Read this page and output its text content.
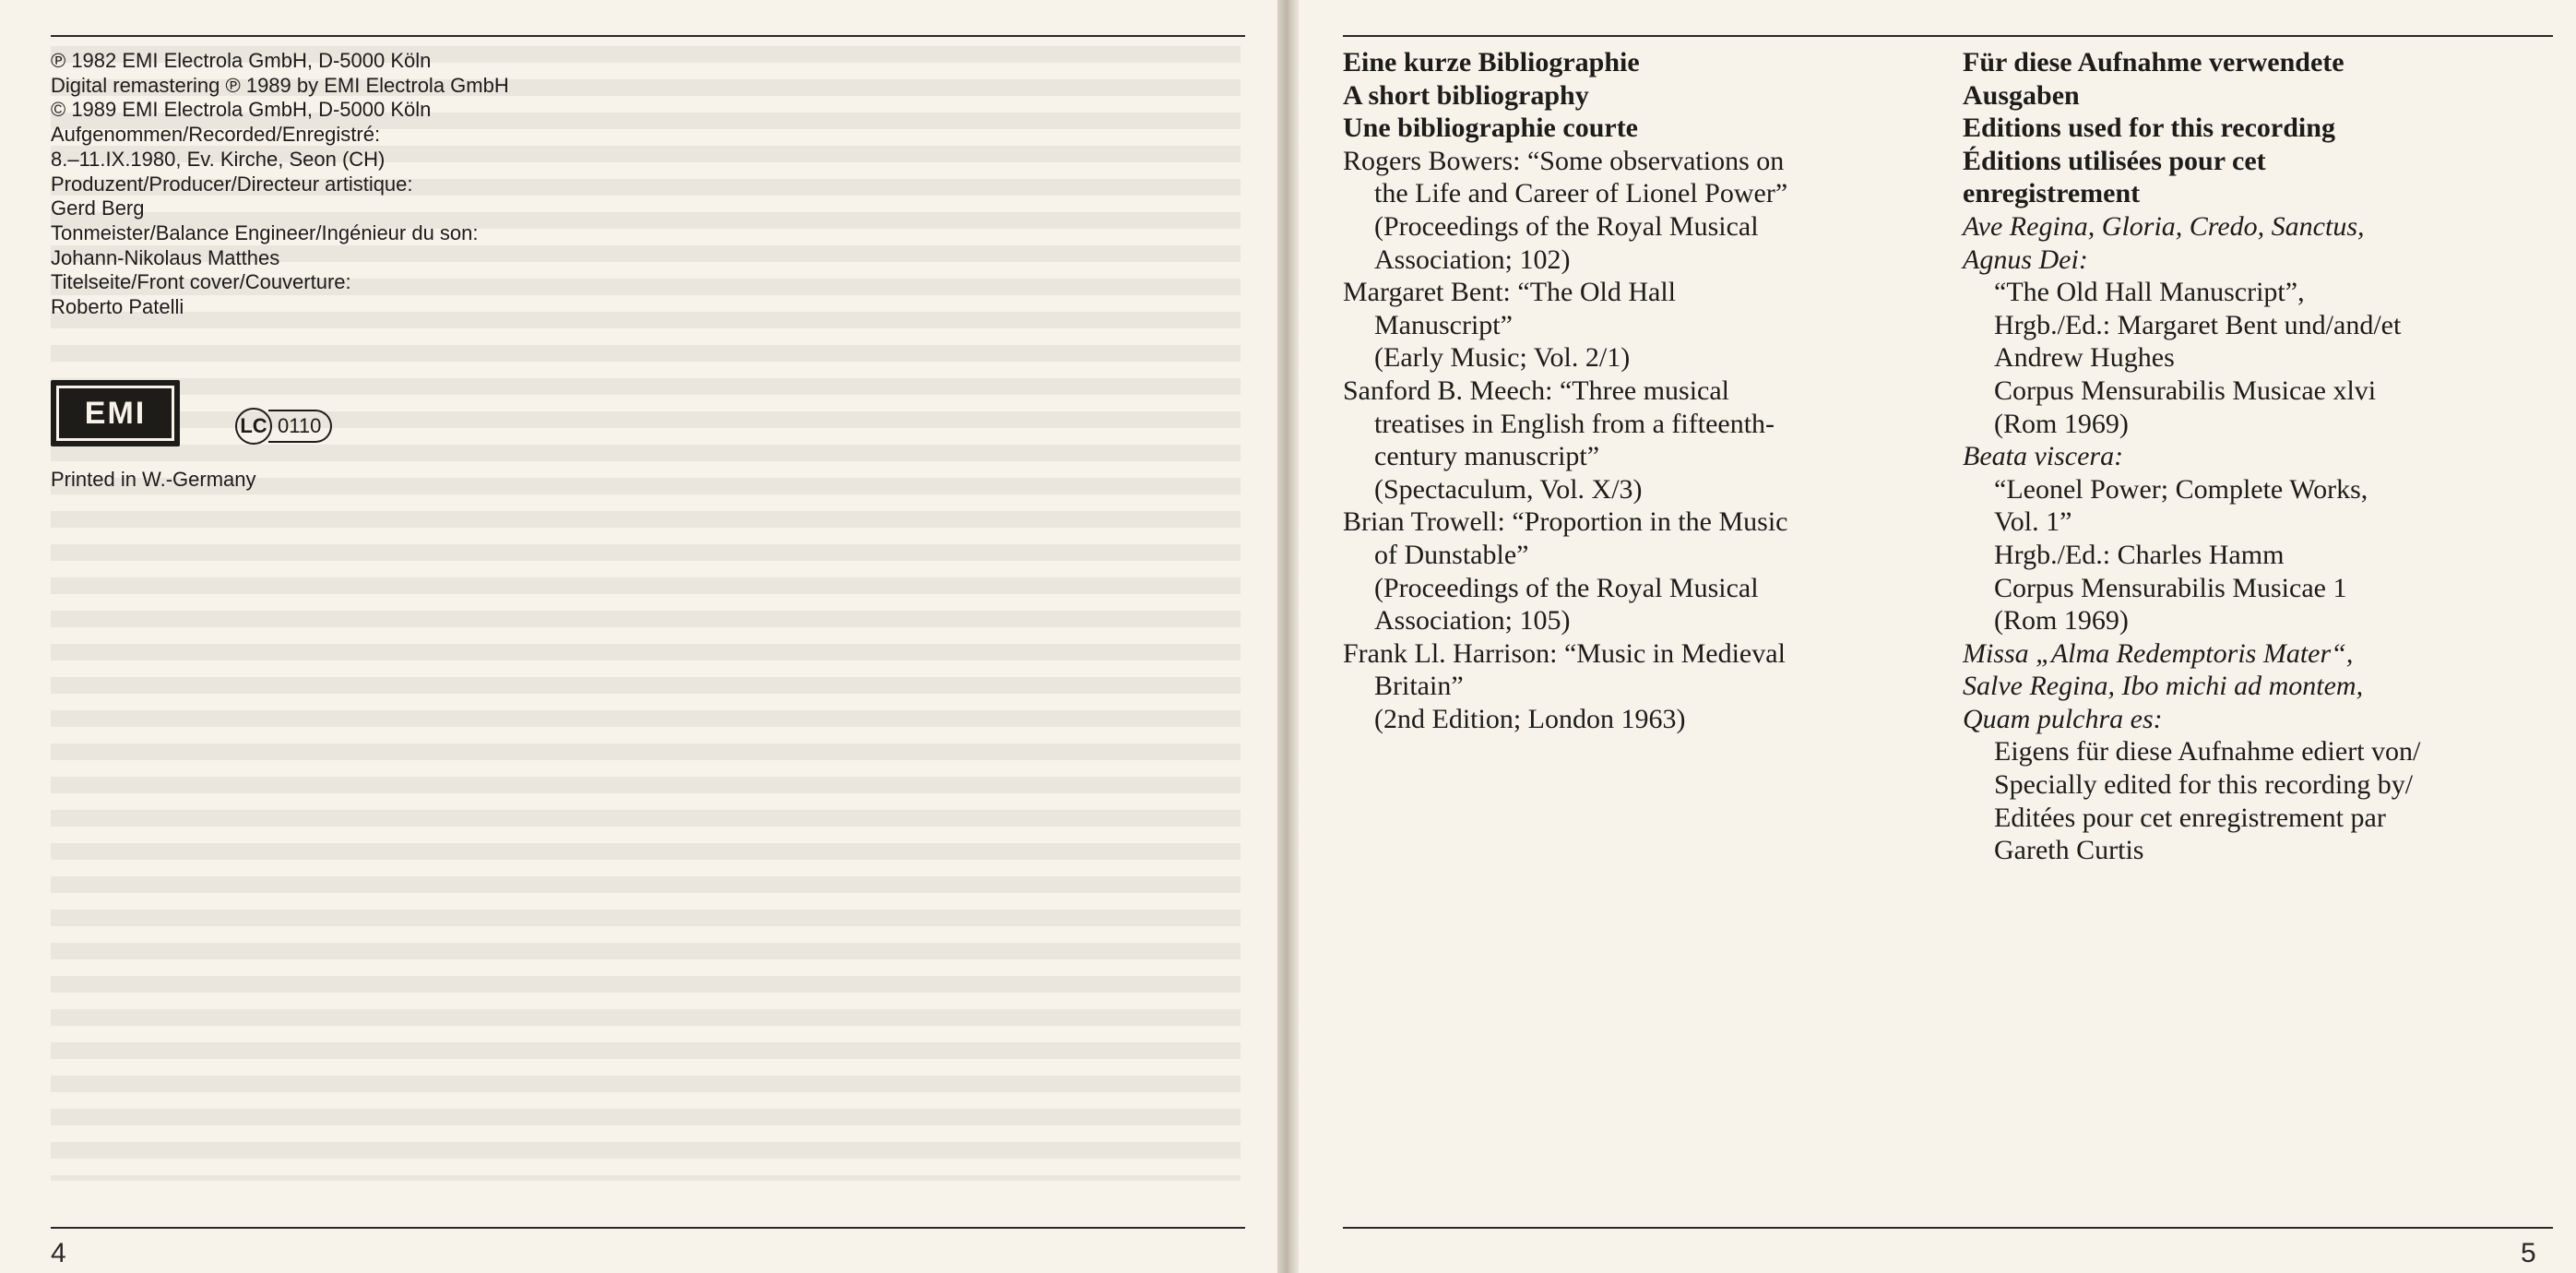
℗ 1982 EMI Electrola GmbH, D-5000 Köln
Digital remastering ℗ 1989 by EMI Electrola GmbH
© 1989 EMI Electrola GmbH, D-5000 Köln
Aufgenommen/Recorded/Enregistré:
8.–11.IX.1980, Ev. Kirche, Seon (CH)
Produzent/Producer/Directeur artistique:
Gerd Berg
Tonmeister/Balance Engineer/Ingénieur du son:
Johann-Nikolaus Matthes
Titelseite/Front cover/Couverture:
Roberto Patelli
EMI	LC 0110
Printed in W.-Germany
4
Eine kurze Bibliographie
A short bibliography
Une bibliographie courte
Rogers Bowers: “Some observations on
the Life and Career of Lionel Power”
(Proceedings of the Royal Musical
Association; 102)
Margaret Bent: “The Old Hall
Manuscript”
(Early Music; Vol. 2/1)
Sanford B. Meech: “Three musical
treatises in English from a fifteenth-
century manuscript”
(Spectaculum, Vol. X/3)
Brian Trowell: “Proportion in the Music
of Dunstable”
(Proceedings of the Royal Musical
Association; 105)
Frank Ll. Harrison: “Music in Medieval
Britain”
(2nd Edition; London 1963)
Für diese Aufnahme verwendete
Ausgaben
Editions used for this recording
Éditions utilisées pour cet
enregistrement
Ave Regina, Gloria, Credo, Sanctus,
Agnus Dei:
“The Old Hall Manuscript”,
Hrgb./Ed.: Margaret Bent und/and/et
Andrew Hughes
Corpus Mensurabilis Musicae xlvi
(Rom 1969)
Beata viscera:
“Leonel Power; Complete Works,
Vol. 1”
Hrgb./Ed.: Charles Hamm
Corpus Mensurabilis Musicae 1
(Rom 1969)
Missa „Alma Redemptoris Mater“,
Salve Regina, Ibo michi ad montem,
Quam pulchra es:
Eigens für diese Aufnahme ediert von/
Specially edited for this recording by/
Editées pour cet enregistrement par
Gareth Curtis
5
